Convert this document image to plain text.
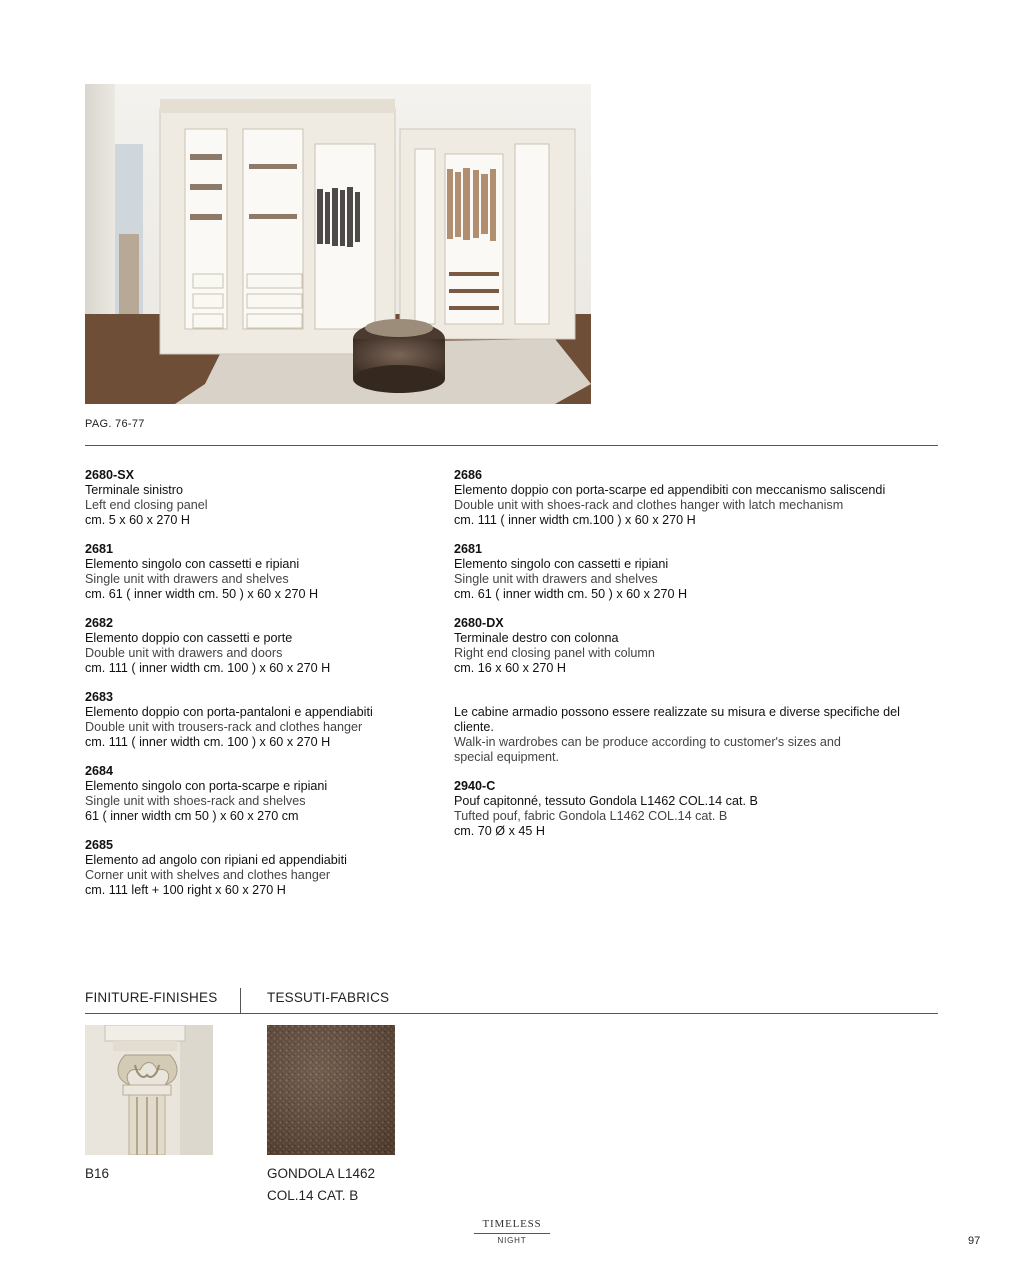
PAG. 76-77
2680-SX
Terminale sinistro
Left end closing panel
cm. 5 x 60 x 270 H
2681
Elemento singolo con cassetti e ripiani
Single unit with drawers and shelves
cm. 61 ( inner width cm. 50 ) x 60 x 270 H
2682
Elemento doppio con cassetti e porte
Double unit with drawers and doors
cm. 111 ( inner width cm. 100 ) x 60 x 270 H
2683
Elemento doppio con porta-pantaloni e appendiabiti
Double unit with trousers-rack and clothes hanger
cm. 111 ( inner width cm. 100 ) x 60 x 270 H
2684
Elemento singolo con porta-scarpe e ripiani
Single unit with shoes-rack and shelves
61 ( inner width cm 50 ) x 60 x 270 cm
2685
Elemento ad angolo con ripiani ed appendiabiti
Corner unit with shelves and clothes hanger
cm. 111 left + 100 right x 60 x 270 H
2686
Elemento doppio con porta-scarpe ed appendibiti con meccanismo saliscendi
Double unit with shoes-rack and clothes hanger with latch mechanism
cm. 111 ( inner width cm.100 ) x 60 x 270 H
2681
Elemento singolo con cassetti e ripiani
Single unit with drawers and shelves
cm. 61 ( inner width cm. 50 ) x 60 x 270 H
2680-DX
Terminale destro con colonna
Right end closing panel with column
cm. 16 x 60 x 270 H
Le cabine armadio possono essere realizzate su misura e diverse specifiche del cliente.
Walk-in wardrobes can be produce according to customer's sizes and special equipment.
2940-C
Pouf capitonné, tessuto Gondola L1462 COL.14 cat. B
Tufted pouf, fabric Gondola L1462 COL.14 cat. B
cm. 70 Ø x 45 H
FINITURE-FINISHES	TESSUTI-FABRICS
B16	GONDOLA L1462
COL.14 CAT. B
TIMELESS
NIGHT	97
